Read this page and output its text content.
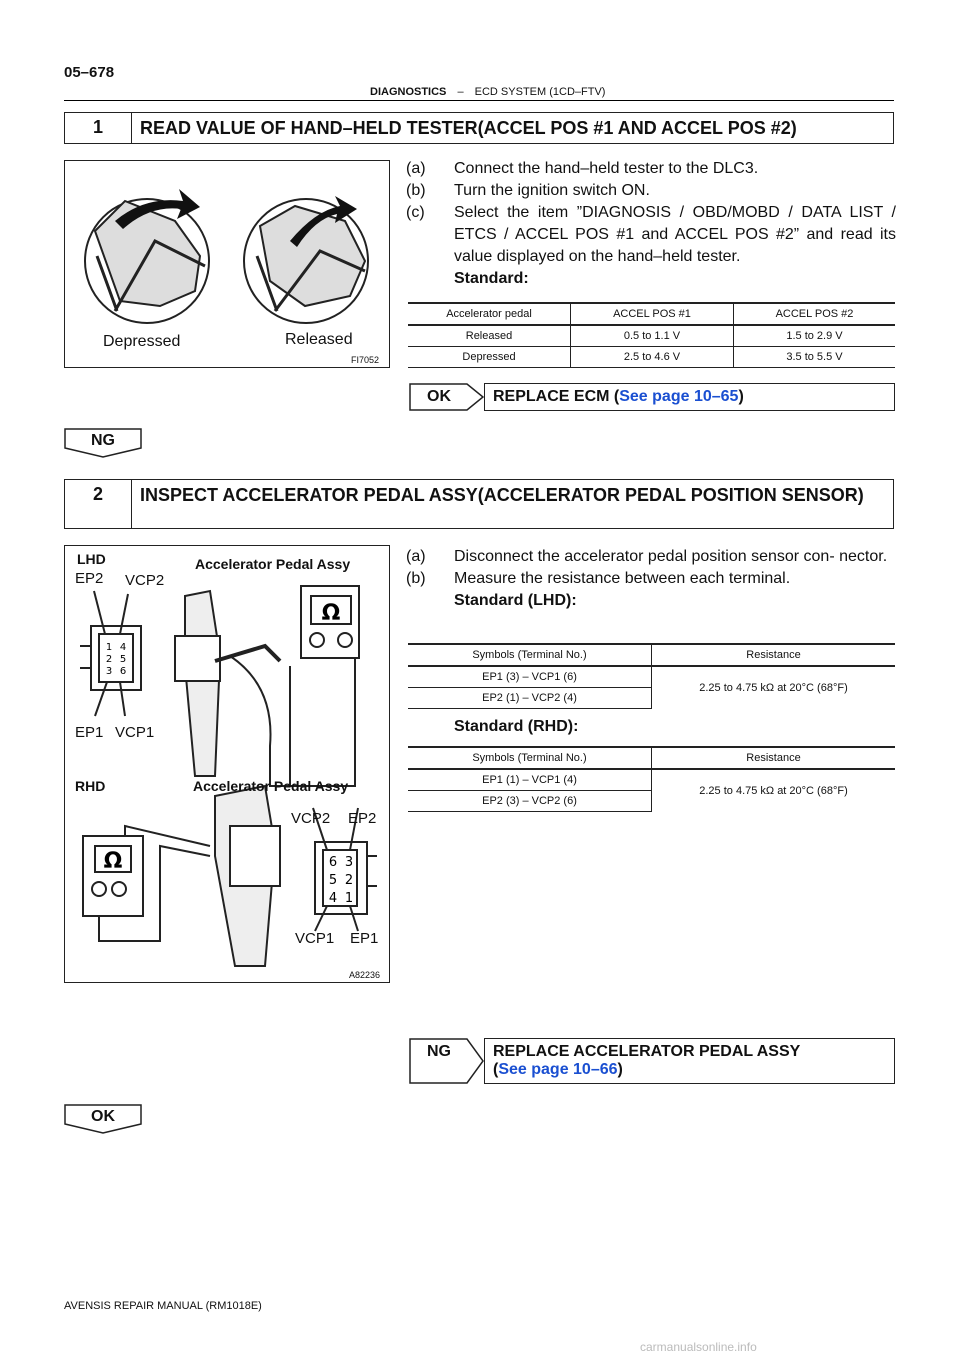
05–678
DIAGNOSTICS – ECD SYSTEM (1CD–FTV)
1	READ VALUE OF HAND–HELD TESTER(ACCEL POS #1 AND ACCEL POS #2)
Depressed	Released
FI7052
(a)	Connect the hand–held tester to the DLC3.
(b)	Turn the ignition switch ON.
(c)	Select the item ”DIAGNOSIS / OBD/MOBD / DATA LIST / ETCS / ACCEL POS #1 and ACCEL POS #2” and read its value displayed on the hand–held tester.
Standard:
Accelerator pedal	ACCEL POS #1	ACCEL POS #2
Released	0.5 to 1.1 V	1.5 to 2.9 V
Depressed	2.5 to 4.6 V	3.5 to 5.5 V
OK	REPLACE ECM (See page 10–65)
NG
2	INSPECT ACCELERATOR PEDAL ASSY(ACCELERATOR PEDAL POSITION SENSOR)
Ω
Ω
1
2
3
4
5
6
6
5
4
3
2
1
LHD	Accelerator Pedal Assy
EP2 VCP2
EP1 VCP1
RHD	Accelerator Pedal Assy
VCP2 EP2
VCP1 EP1
A82236
(a)	Disconnect the accelerator pedal position sensor con- nector.
(b)	Measure the resistance between each terminal.
Standard (LHD):
Symbols (Terminal No.)	Resistance
EP1 (3) – VCP1 (6)	2.25 to 4.75 kΩ at 20°C (68°F)
EP2 (1) – VCP2 (4)	
Standard (RHD):
Symbols (Terminal No.)	Resistance
EP1 (1) – VCP1 (4)	2.25 to 4.75 kΩ at 20°C (68°F)
EP2 (3) – VCP2 (6)	
NG	REPLACE ACCELERATOR PEDAL ASSY
(See page 10–66)
OK
AVENSIS REPAIR MANUAL (RM1018E)
carmanualsonline.info
